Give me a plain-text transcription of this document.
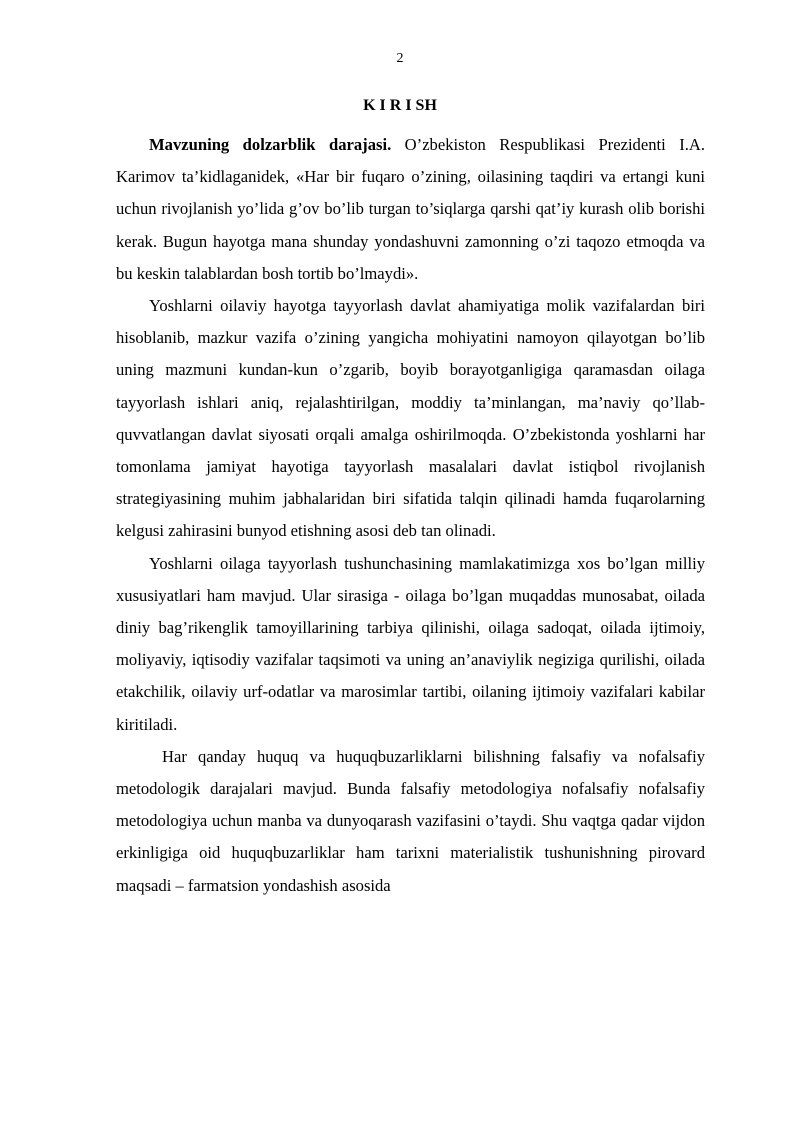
2
K I R I SH

Mavzuning dolzarblik darajasi. O’zbekiston Respublikasi Prezidenti I.A. Karimov ta’kidlaganidek, «Har bir fuqaro o’zining, oilasining taqdiri va ertangi kuni uchun rivojlanish yo’lida g’ov bo’lib turgan to’siqlarga qarshi qat’iy kurash olib borishi kerak. Bugun hayotga mana shunday yondashuvni zamonning o’zi taqozo etmoqda va bu keskin talablardan bosh tortib bo’lmaydi».

Yoshlarni oilaviy hayotga tayyorlash davlat ahamiyatiga molik vazifalardan biri hisoblanib, mazkur vazifa o’zining yangicha mohiyatini namoyon qilayotgan bo’lib uning mazmuni kundan-kun o’zgarib, boyib borayotganligiga qaramasdan oilaga tayyorlash ishlari aniq, rejalashtirilgan, moddiy ta’minlangan, ma’naviy qo’llab-quvvatlangan davlat siyosati orqali amalga oshirilmoqda. O’zbekistonda yoshlarni har tomonlama jamiyat hayotiga tayyorlash masalalari davlat istiqbol rivojlanish strategiyasining muhim jabhalaridan biri sifatida talqin qilinadi hamda fuqarolarning kelgusi zahirasini bunyod etishning asosi deb tan olinadi.

Yoshlarni oilaga tayyorlash tushunchasining mamlakatimizga xos bo’lgan milliy xususiyatlari ham mavjud. Ular sirasiga - oilaga bo’lgan muqaddas munosabat, oilada diniy bag’rikenglik tamoyillarining tarbiya qilinishi, oilaga sadoqat, oilada ijtimoiy, moliyaviy, iqtisodiy vazifalar taqsimoti va uning an’anaviylik negiziga qurilishi, oilada etakchilik, oilaviy urf-odatlar va marosimlar tartibi, oilaning ijtimoiy vazifalari kabilar kiritiladi.

Har qanday huquq va huquqbuzarliklarni bilishning falsafiy va nofalsafiy metodologik darajalari mavjud. Bunda falsafiy metodologiya nofalsafiy nofalsafiy metodologiya uchun manba va dunyoqarash vazifasini o’taydi. Shu vaqtga qadar vijdon erkinligiga oid huquqbuzarliklar ham tarixni materialistik tushunishning pirovard maqsadi – farmatsion yondashish asosida
